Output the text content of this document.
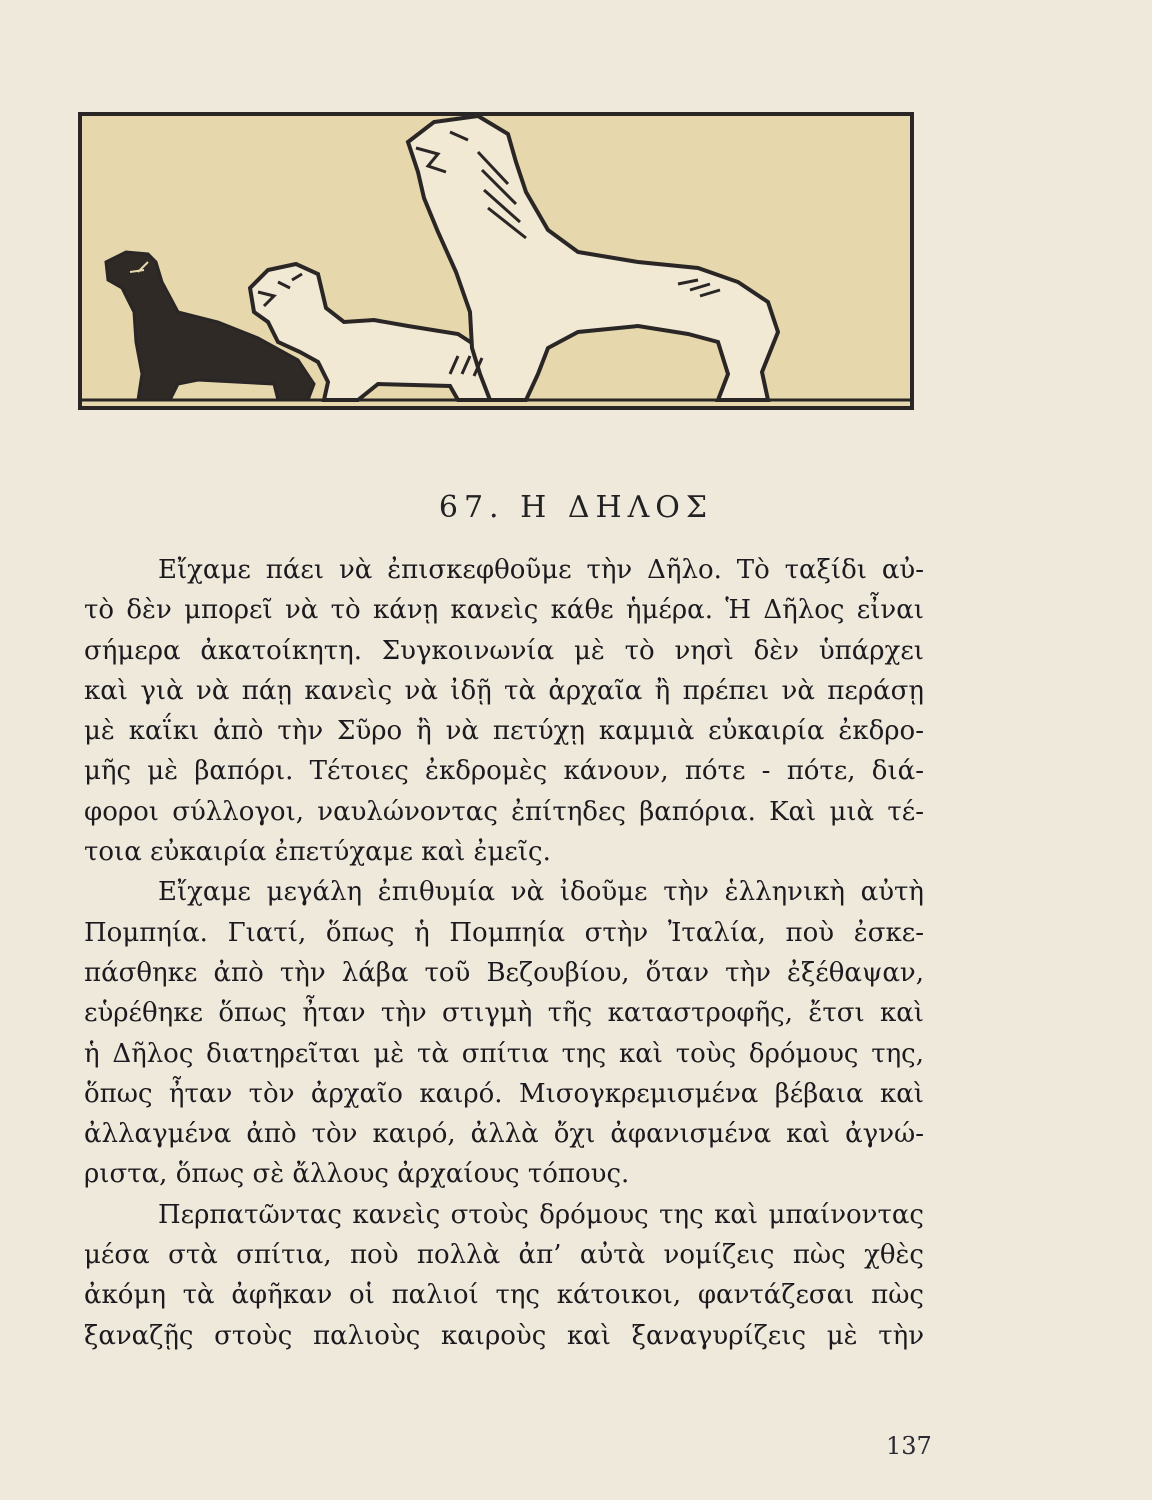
67. Η ΔΗΛΟΣ
Εἴχαμε πάει νὰ ἐπισκεφθοῦμε τὴν Δῆλο. Τὸ ταξίδι αὐ-
τὸ δὲν μπορεῖ νὰ τὸ κάνῃ κανεὶς κάθε ἡμέρα. Ἡ Δῆλος εἶναι
σήμερα ἀκατοίκητη. Συγκοινωνία μὲ τὸ νησὶ δὲν ὑπάρχει
καὶ γιὰ νὰ πάῃ κανεὶς νὰ ἰδῇ τὰ ἀρχαῖα ἢ πρέπει νὰ περάσῃ
μὲ καΐκι ἀπὸ τὴν Σῦρο ἢ νὰ πετύχῃ καμμιὰ εὐκαιρία ἐκδρο-
μῆς μὲ βαπόρι. Τέτοιες ἐκδρομὲς κάνουν, πότε - πότε, διά-
φοροι σύλλογοι, ναυλώνοντας ἐπίτηδες βαπόρια. Καὶ μιὰ τέ-
τοια εὐκαιρία ἐπετύχαμε καὶ ἐμεῖς.
Εἴχαμε μεγάλη ἐπιθυμία νὰ ἰδοῦμε τὴν ἑλληνικὴ αὐτὴ
Πομπηία. Γιατί, ὅπως ἡ Πομπηία στὴν Ἰταλία, ποὺ ἐσκε-
πάσθηκε ἀπὸ τὴν λάβα τοῦ Βεζουβίου, ὅταν τὴν ἐξέθαψαν,
εὑρέθηκε ὅπως ἦταν τὴν στιγμὴ τῆς καταστροφῆς, ἔτσι καὶ
ἡ Δῆλος διατηρεῖται μὲ τὰ σπίτια της καὶ τοὺς δρόμους της,
ὅπως ἦταν τὸν ἀρχαῖο καιρό. Μισογκρεμισμένα βέβαια καὶ
ἀλλαγμένα ἀπὸ τὸν καιρό, ἀλλὰ ὄχι ἀφανισμένα καὶ ἀγνώ-
ριστα, ὅπως σὲ ἄλλους ἀρχαίους τόπους.
Περπατῶντας κανεὶς στοὺς δρόμους της καὶ μπαίνοντας
μέσα στὰ σπίτια, ποὺ πολλὰ ἀπ’ αὐτὰ νομίζεις πὼς χθὲς
ἀκόμη τὰ ἀφῆκαν οἱ παλιοί της κάτοικοι, φαντάζεσαι πὼς
ξαναζῇς στοὺς παλιοὺς καιροὺς καὶ ξαναγυρίζεις μὲ τὴν
137
